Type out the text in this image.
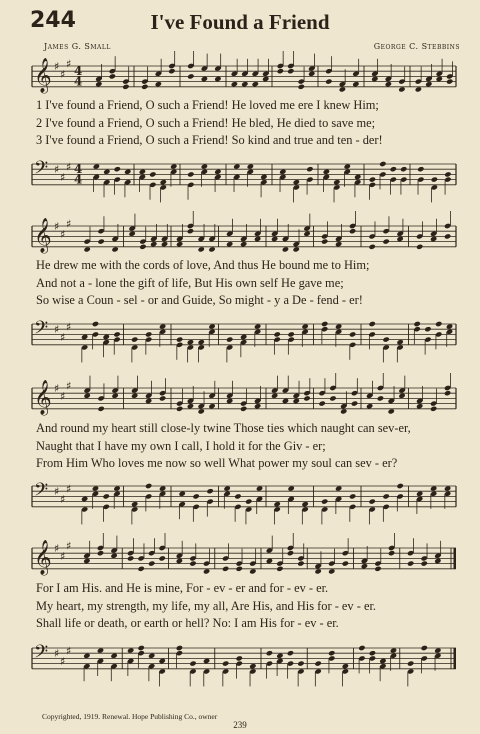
244	I've Found a Friend
James G. Small	George C. Stebbins
𝄞 ♯
♯
♯
4
4
1 I've found a Friend, O such a Friend! He loved me ere I knew Him;
2 I've found a Friend, O such a Friend! He bled, He died to save me;
3 I've found a Friend, O such a Friend! So kind and true and ten - der!
𝄢 ♯
♯
♯ 4
4
𝄞 ♯
♯
♯
He drew me with the cords of love, And thus He bound me to Him;
And not a - lone the gift of life, But His own self He gave me;
So wise a Coun - sel - or and Guide, So might - y a De - fend - er!
𝄢 ♯
♯
♯
𝄞 ♯
♯
♯
And round my heart still close-ly twine Those ties which naught can sev-er,
Naught that I have my own I call, I hold it for the Giv - er;
From Him Who loves me now so well What power my soul can sev - er?
𝄢 ♯
♯
♯
𝄞 ♯
♯
♯
For I am His. and He is mine, For - ev - er and for - ev - er.
My heart, my strength, my life, my all, Are His, and His for - ev - er.
Shall life or death, or earth or hell? No: I am His for - ev - er.
𝄢 ♯
♯
♯
Copyrighted, 1919. Renewal. Hope Publishing Co., owner
239
